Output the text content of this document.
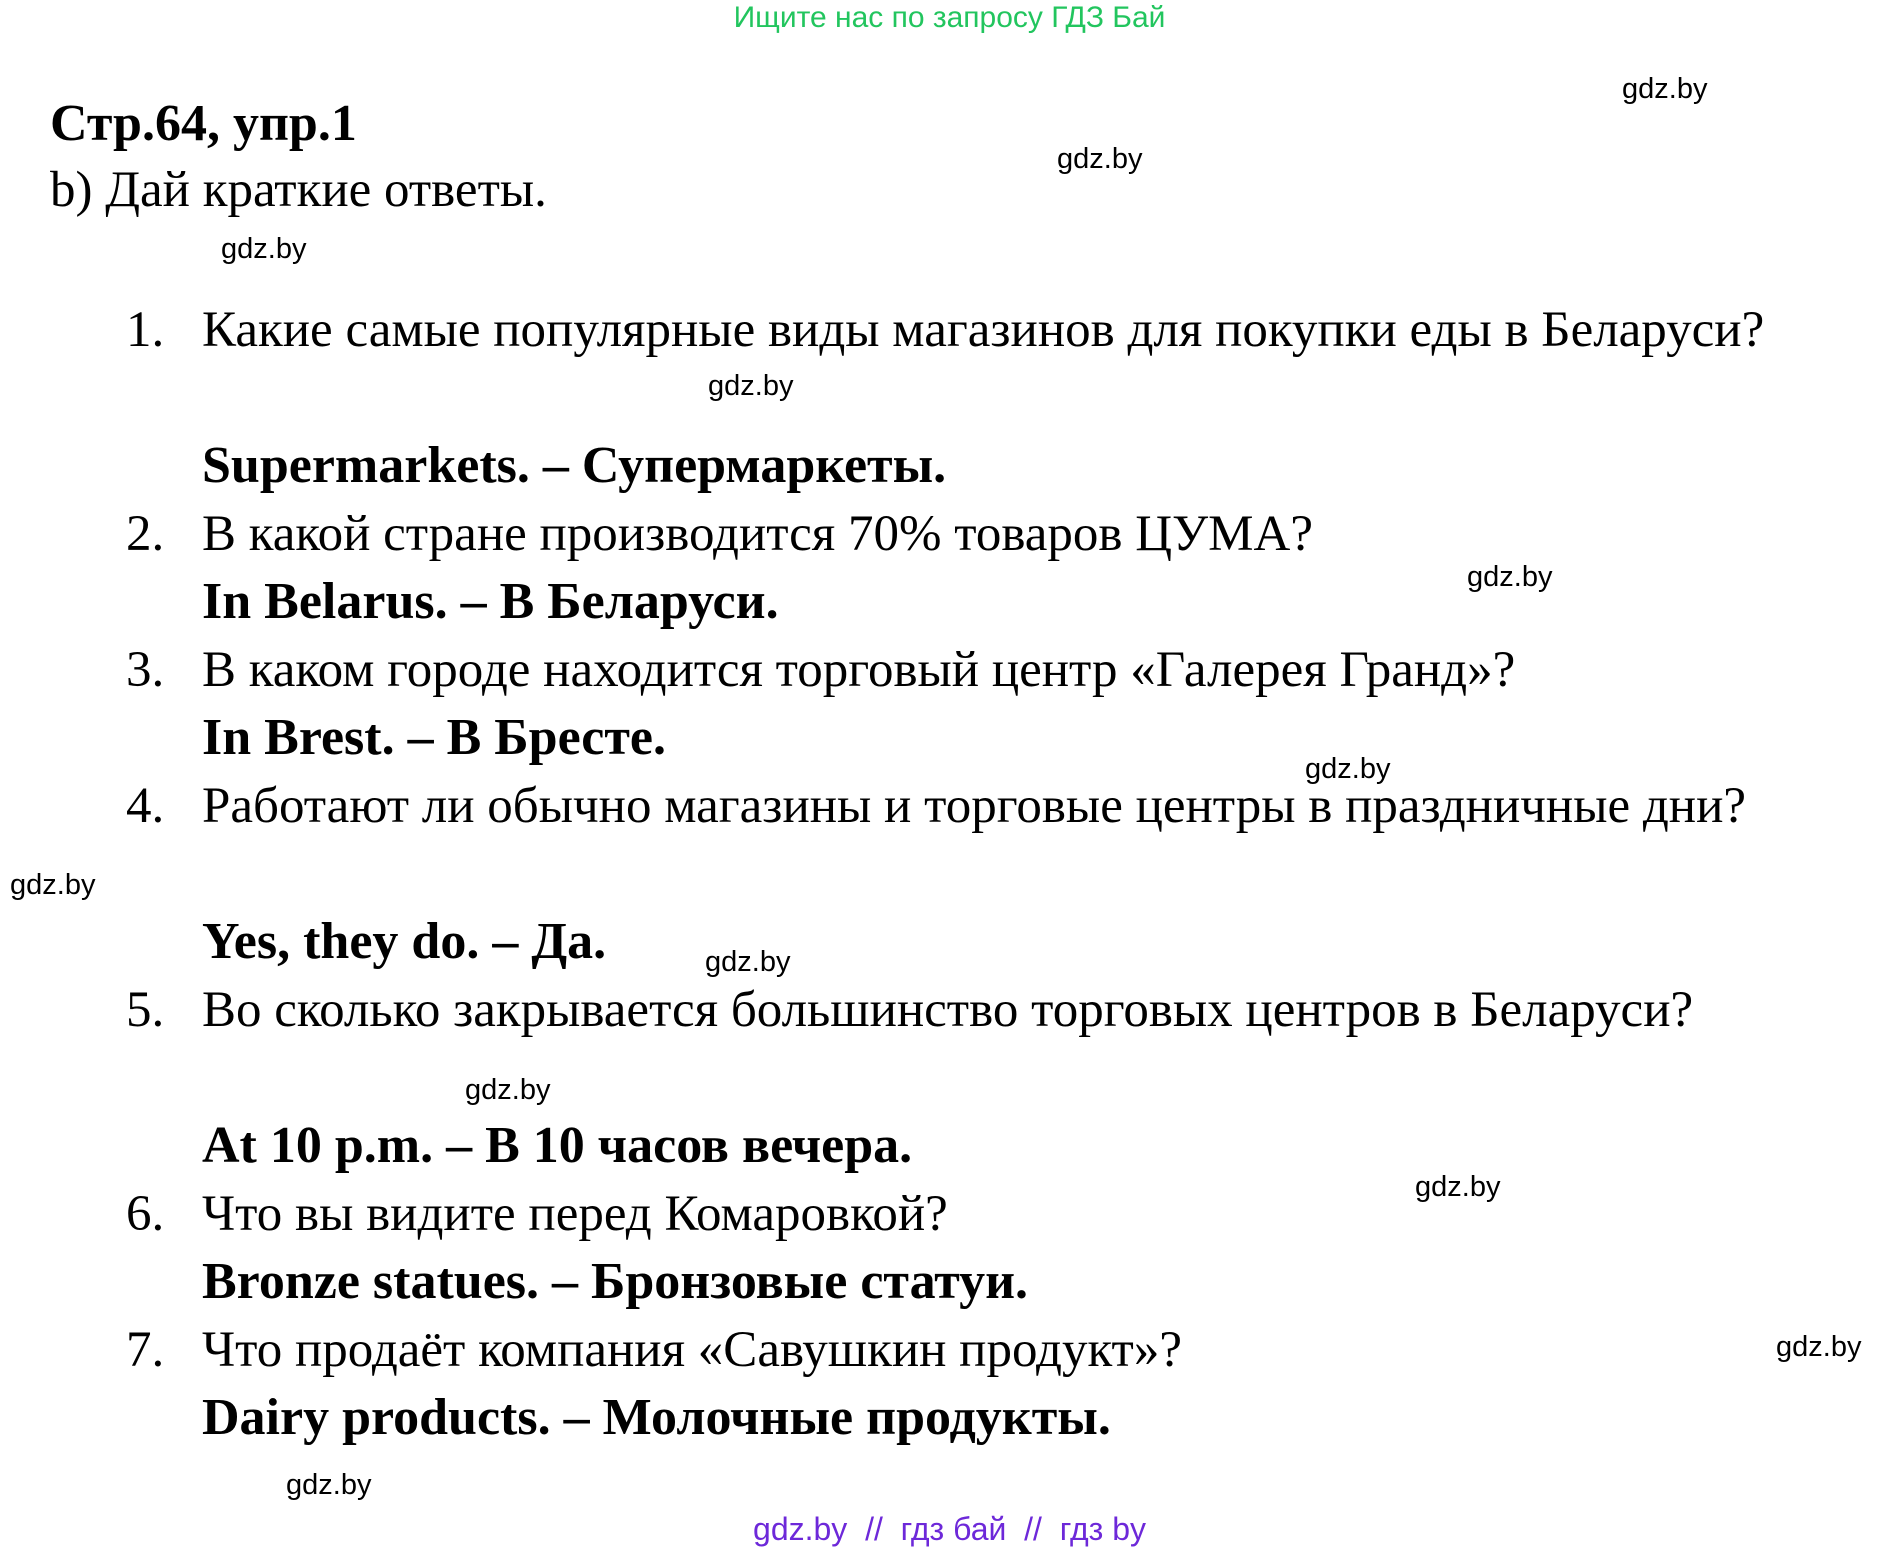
Ищите нас по запросу ГДЗ Бай
Стр.64, упр.1
b) Дай краткие ответы.
1. Какие самые популярные виды магазинов для покупки еды в Беларуси?
Supermarkets. – Супермаркеты.
2. В какой стране производится 70% товаров ЦУМА?
In Belarus. – В Беларуси.
3. В каком городе находится торговый центр «Галерея Гранд»?
In Brest. – В Бресте.
4. Работают ли обычно магазины и торговые центры в праздничные дни?
Yes, they do. – Да.
5. Во сколько закрывается большинство торговых центров в Беларуси?
At 10 p.m. – В 10 часов вечера.
6. Что вы видите перед Комаровкой?
Bronze statues. – Бронзовые статуи.
7. Что продаёт компания «Савушкин продукт»?
Dairy products. – Молочные продукты.
gdz.by
gdz.by
gdz.by
gdz.by
gdz.by
gdz.by
gdz.by
gdz.by
gdz.by
gdz.by
gdz.by
gdz.by
gdz.by // гдз бай // гдз by
